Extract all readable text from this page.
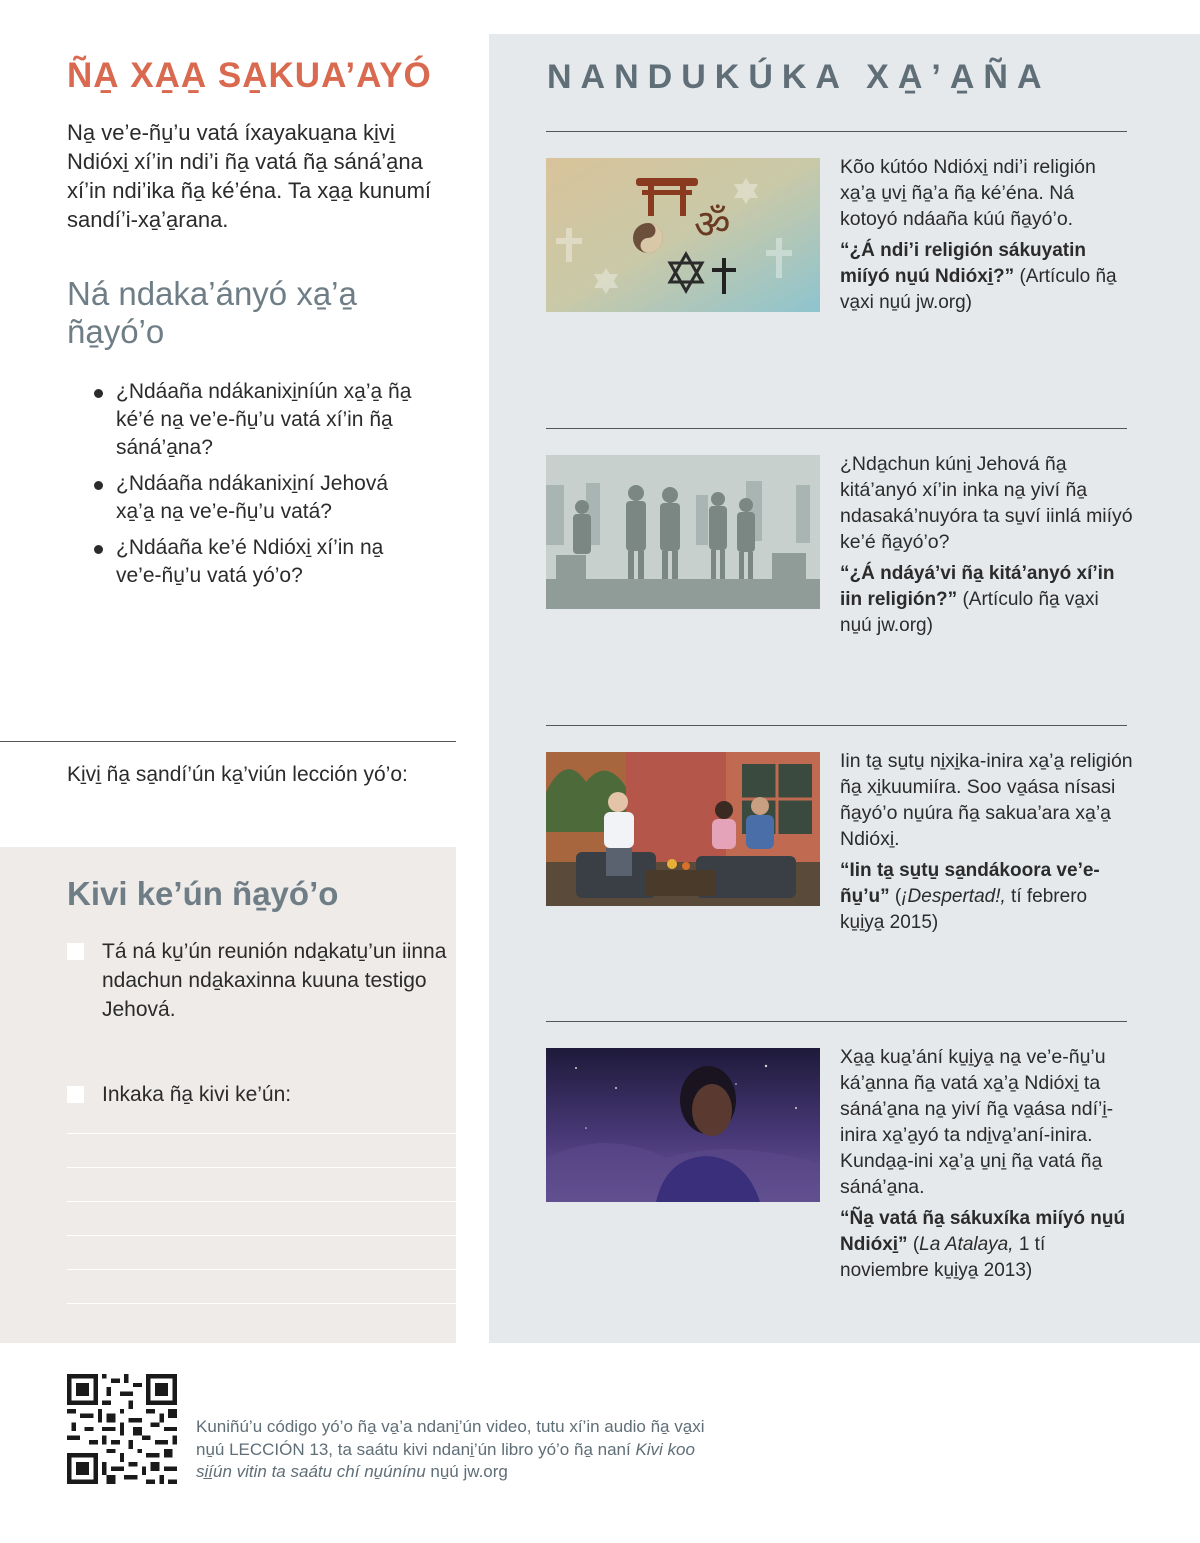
ÑA̱ XA̱A̱ SA̱KUA’AYÓ

Na̱ ve’e-ñu̱’u vatá íxayakua̱na ki̱vi̱ Ndióxi̱ xí’in ndi’i ña̱ vatá ña̱ sáná’a̱na xí’in ndi’ika ña̱ ké’éna. Ta xa̱a̱ kunumí sandí’i-xa̱’a̱rana.

Ná ndaka’ányó xa̱’a̱ ña̱yó’o
¿Ndáaña ndákanixi̱níún xa̱’a̱ ña̱ ké’é na̱ ve’e-ñu̱’u vatá xí’in ña̱ sáná’a̱na?
¿Ndáaña ndákanixi̱ní Jehová xa̱’a̱ na̱ ve’e-ñu̱’u vatá?
¿Ndáaña ke’é Ndióxi̱ xí’in na̱ ve’e-ñu̱’u vatá yó’o?

Ki̱vi̱ ña̱ sa̱ndí’ún ka̱’viún lección yó’o:

Kivi ke’ún ña̱yó’o
Tá ná ku̱’ún reunión nda̱katu̱’un iinna ndachun nda̱kaxinna kuuna testigo Jehová.
Inkaka ña̱ kivi ke’ún:
NANDUKÚKA XA̱’A̱ÑA
ॐ

Kõo kútóo Ndióxi̱ ndi’i religión xa̱’a̱ u̱vi̱ ña̱’a ña̱ ké’éna. Ná kotoyó ndáaña kúú ña̱yó’o.

“¿Á ndi’i religión sákuyatin miíyó nu̱ú Ndióxi̱?” (Artículo ña̱ va̱xi nu̱ú jw.org)

¿Nda̱chun kúni̱ Jehová ña̱ kitá’anyó xí’in inka na̱ yiví ña̱ ndasaká’nuyóra ta su̱ví iinlá miíyó ke’é ña̱yó’o?

“¿Á ndáyá’vi ña̱ kitá’anyó xí’in iin religión?” (Artículo ña̱ va̱xi nu̱ú jw.org)

Iin ta̱ su̱tu̱ ni̱xi̱ka-inira xa̱’a̱ religión ña̱ xi̱kuumiíra. Soo va̱ása nísasi ña̱yó’o nu̱úra ña̱ sakua’ara xa̱’a̱ Ndióxi̱.

“Iin ta̱ su̱tu̱ sa̱ndákoora ve’e-ñu̱’u” (¡Despertad!, tí febrero ku̱i̱ya̱ 2015)

Xa̱a̱ kua̱’ání ku̱i̱ya̱ na̱ ve’e-ñu̱’u ká’a̱nna ña̱ vatá xa̱’a̱ Ndióxi̱ ta sáná’a̱na na̱ yiví ña̱ va̱ása ndí’i̱-inira xa̱’a̱yó ta ndi̱va̱’aní-inira. Kunda̱a̱-ini xa̱’a̱ u̱ni̱ ña̱ vatá ña̱ sáná’a̱na.

“Ña̱ vatá ña̱ sákuxíka miíyó nu̱ú Ndióxi̱” (La Atalaya, 1 tí noviembre ku̱i̱ya̱ 2013)

Kuniñú’u código yó’o ña̱ va̱’a ndani̱’ún video, tutu xí’in audio ña̱ va̱xi nu̱ú LECCIÓN 13, ta saátu kivi ndani̱’ún libro yó’o ña̱ naní Kivi koo si̱í̱ún vitin ta saátu chí nu̱únínu nu̱ú jw.org
